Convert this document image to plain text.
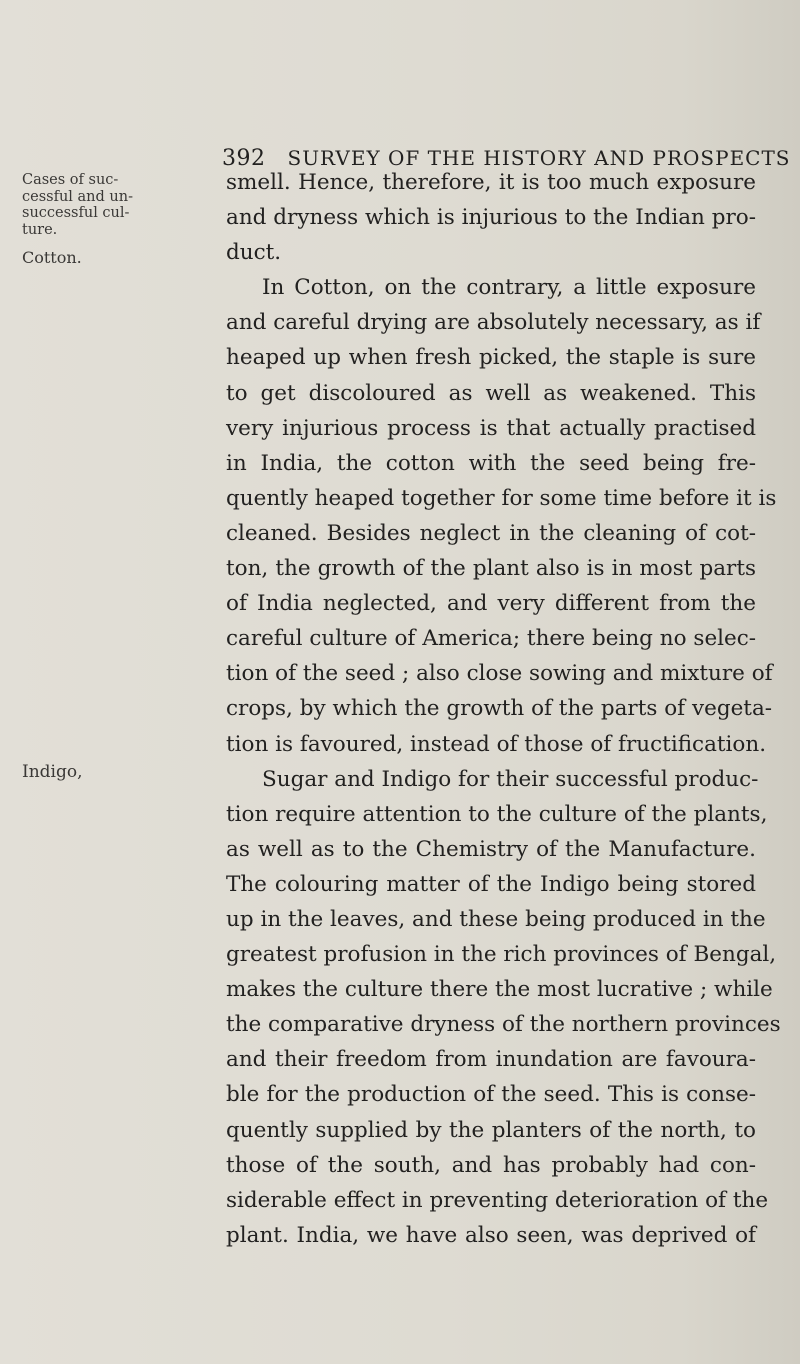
392 SURVEY OF THE HISTORY AND PROSPECTS
Cases of suc-
cessful and un-
successful cul-
ture.
Cotton.
Indigo,
smell. Hence, therefore, it is too much exposure
and dryness which is injurious to the Indian pro-
duct.
In Cotton, on the contrary, a little exposure
and careful drying are absolutely necessary, as if
heaped up when fresh picked, the staple is sure
to get discoloured as well as weakened. This
very injurious process is that actually practised
in India, the cotton with the seed being fre-
quently heaped together for some time before it is
cleaned. Besides neglect in the cleaning of cot-
ton, the growth of the plant also is in most parts
of India neglected, and very different from the
careful culture of America; there being no selec-
tion of the seed ; also close sowing and mixture of
crops, by which the growth of the parts of vegeta-
tion is favoured, instead of those of fructification.
Sugar and Indigo for their successful produc-
tion require attention to the culture of the plants,
as well as to the Chemistry of the Manufacture.
The colouring matter of the Indigo being stored
up in the leaves, and these being produced in the
greatest profusion in the rich provinces of Bengal,
makes the culture there the most lucrative ; while
the comparative dryness of the northern provinces
and their freedom from inundation are favoura-
ble for the production of the seed. This is conse-
quently supplied by the planters of the north, to
those of the south, and has probably had con-
siderable effect in preventing deterioration of the
plant. India, we have also seen, was deprived of
